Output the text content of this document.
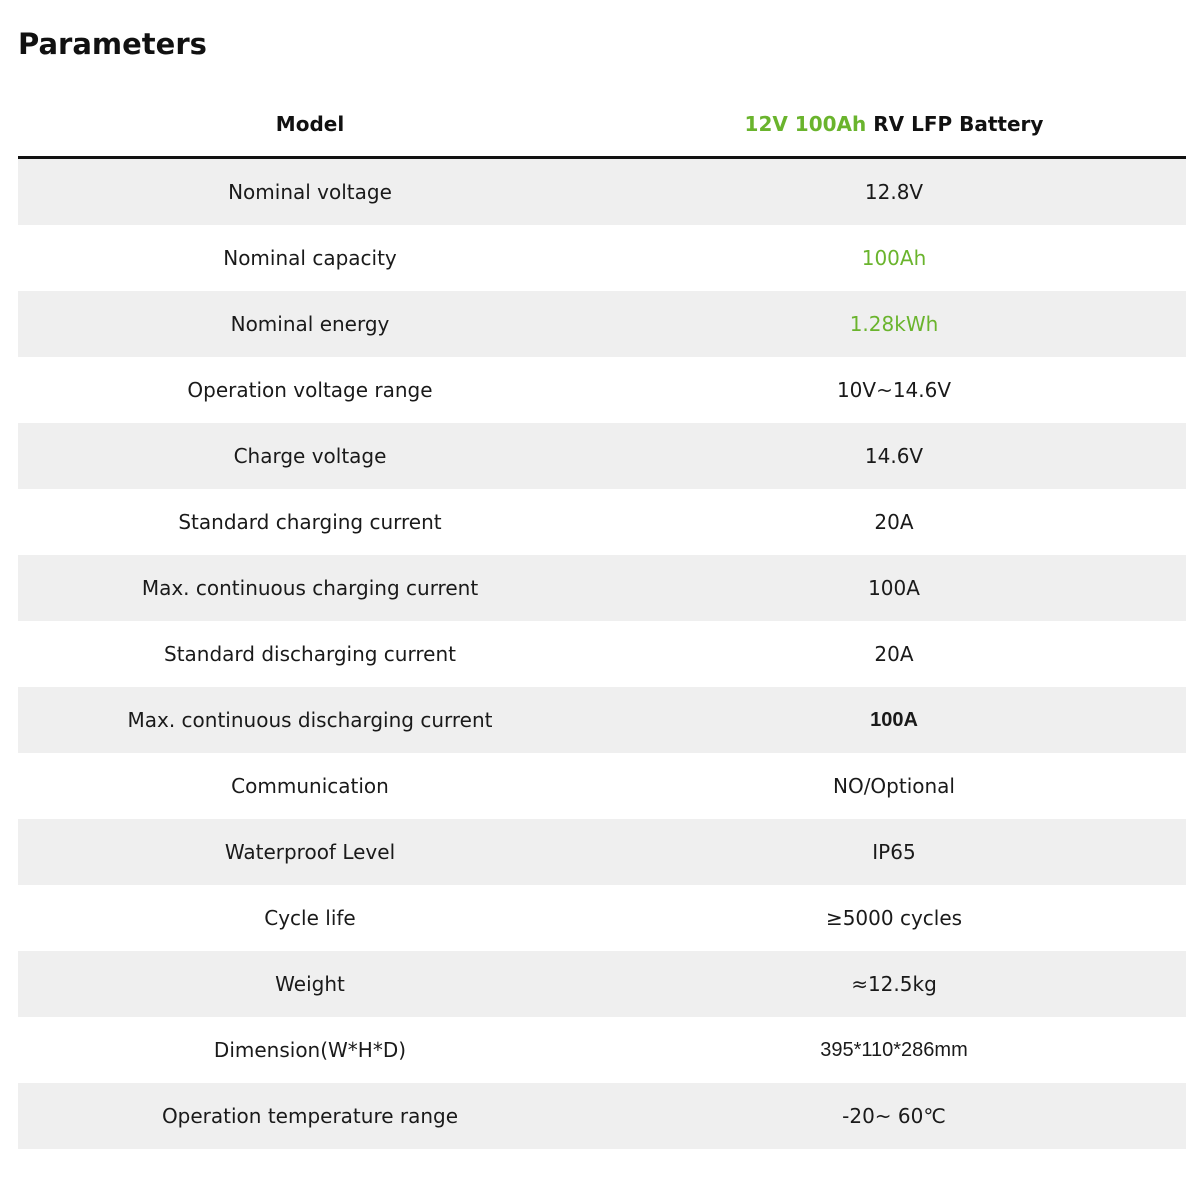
Parameters
Model	12V 100Ah RV LFP Battery
Nominal voltage	12.8V
Nominal capacity	100Ah
Nominal energy	1.28kWh
Operation voltage range	10V~14.6V
Charge voltage	14.6V
Standard charging current	20A
Max. continuous charging current	100A
Standard discharging current	20A
Max. continuous discharging current	100A
Communication	NO/Optional
Waterproof Level	IP65
Cycle life	≥5000 cycles
Weight	≈12.5kg
Dimension(W*H*D)	395*110*286mm
Operation temperature range	-20~ 60℃
